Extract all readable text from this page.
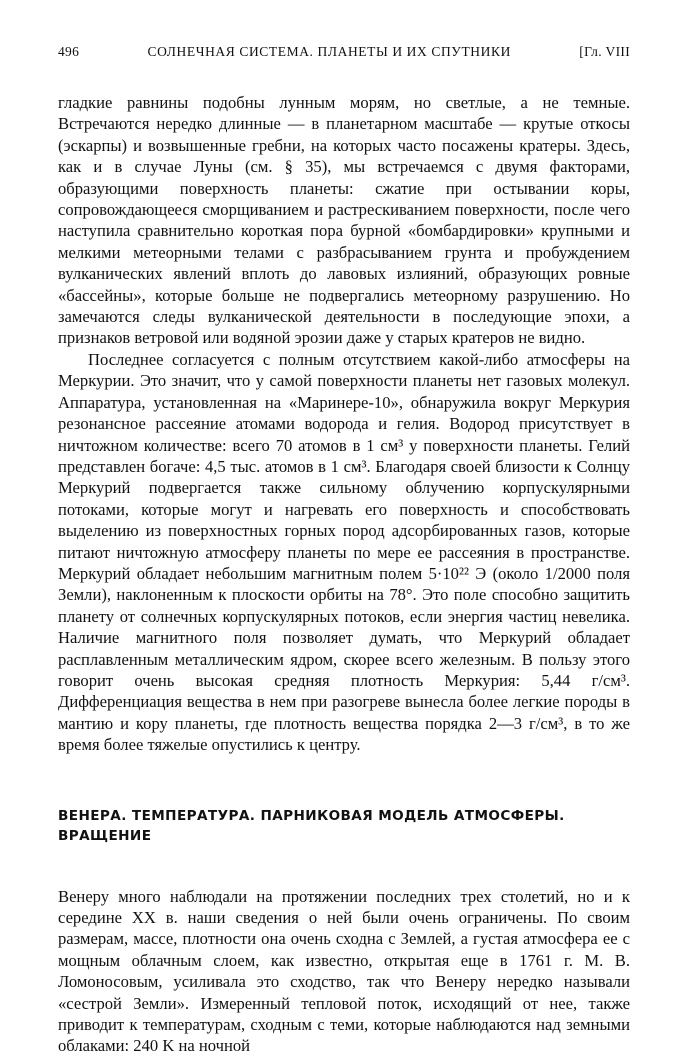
496	СОЛНЕЧНАЯ СИСТЕМА. ПЛАНЕТЫ И ИХ СПУТНИКИ	[Гл. VIII

гладкие равнины подобны лунным морям, но светлые, а не темные. Встречаются нередко длинные — в планетарном масштабе — крутые откосы (эскарпы) и возвышенные гребни, на которых часто посажены кратеры. Здесь, как и в случае Луны (см. § 35), мы встречаемся с двумя факторами, образующими поверхность планеты: сжатие при остывании коры, сопровождающееся сморщиванием и растрескиванием поверхности, после чего наступила сравнительно короткая пора бурной «бомбардировки» крупными и мелкими метеорными телами с разбрасыванием грунта и пробуждением вулканических явлений вплоть до лавовых излияний, образующих ровные «бассейны», которые больше не подвергались метеорному разрушению. Но замечаются следы вулканической деятельности в последующие эпохи, а признаков ветровой или водяной эрозии даже у старых кратеров не видно.

Последнее согласуется с полным отсутствием какой-либо атмосферы на Меркурии. Это значит, что у самой поверхности планеты нет газовых молекул. Аппаратура, установленная на «Маринере-10», обнаружила вокруг Меркурия резонансное рассеяние атомами водорода и гелия. Водород присутствует в ничтожном количестве: всего 70 атомов в 1 см³ у поверхности планеты. Гелий представлен богаче: 4,5 тыс. атомов в 1 см³. Благодаря своей близости к Солнцу Меркурий подвергается также сильному облучению корпускулярными потоками, которые могут и нагревать его поверхность и способствовать выделению из поверхностных горных пород адсорбированных газов, которые питают ничтожную атмосферу планеты по мере ее рассеяния в пространстве. Меркурий обладает небольшим магнитным полем 5·10²² Э (около 1/2000 поля Земли), наклоненным к плоскости орбиты на 78°. Это поле способно защитить планету от солнечных корпускулярных потоков, если энергия частиц невелика. Наличие магнитного поля позволяет думать, что Меркурий обладает расплавленным металлическим ядром, скорее всего железным. В пользу этого говорит очень высокая средняя плотность Меркурия: 5,44 г/см³. Дифференциация вещества в нем при разогреве вынесла более легкие породы в мантию и кору планеты, где плотность вещества порядка 2—3 г/см³, в то же время более тяжелые опустились к центру.

ВЕНЕРА. ТЕМПЕРАТУРА. ПАРНИКОВАЯ МОДЕЛЬ АТМОСФЕРЫ.
ВРАЩЕНИЕ

Венеру много наблюдали на протяжении последних трех столетий, но и к середине XX в. наши сведения о ней были очень ограничены. По своим размерам, массе, плотности она очень сходна с Землей, а густая атмосфера ее с мощным облачным слоем, как известно, открытая еще в 1761 г. М. В. Ломоносовым, усиливала это сходство, так что Венеру нередко называли «сестрой Земли». Измеренный тепловой поток, исходящий от нее, также приводит к температурам, сходным с теми, которые наблюдаются над земными облаками: 240 K на ночной
